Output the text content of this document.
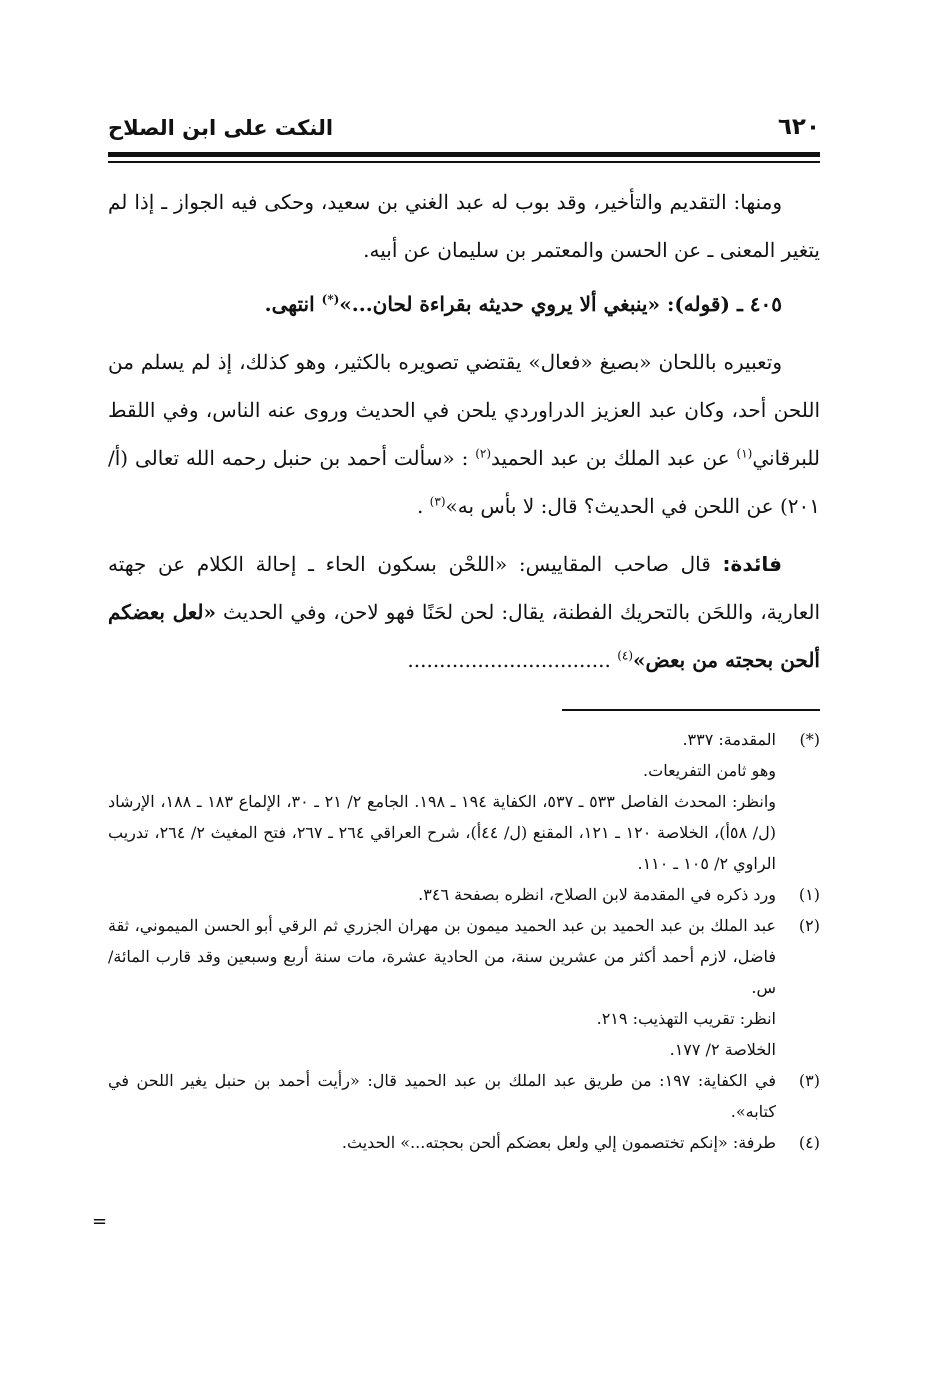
النكت على ابن الصلاح	٦٢٠

ومنها: التقديم والتأخير، وقد بوب له عبد الغني بن سعيد، وحكى فيه الجواز ـ إذا لم يتغير المعنى ـ عن الحسن والمعتمر بن سليمان عن أبيه.

٤٠٥ ـ (قوله): «ينبغي ألا يروي حديثه بقراءة لحان...»(*) انتهى.

وتعبيره باللحان «بصيغ «فعال» يقتضي تصويره بالكثير، وهو كذلك، إذ لم يسلم من اللحن أحد، وكان عبد العزيز الدراوردي يلحن في الحديث وروى عنه الناس، وفي اللقط للبرقاني$^{(١)}$ عن عبد الملك بن عبد الحميد$^{(٢)}$ : «سألت أحمد بن حنبل رحمه الله تعالى (أ/ ٢٠١) عن اللحن في الحديث؟ قال: لا بأس به»$^{(٣)}$ .

فائدة: قال صاحب المقاييس: «اللحْن بسكون الحاء ـ إحالة الكلام عن جهته العارية، واللحَن بالتحريك الفطنة، يقال: لحن لحَنًا فهو لاحن، وفي الحديث «لعل بعضكم ألحن بحجته من بعض»$^{(٤)}$ ................................

(*)

المقدمة: ٣٣٧.

وهو ثامن التفريعات.

وانظر: المحدث الفاصل ٥٣٣ ـ ٥٣٧، الكفاية ١٩٤ ـ ١٩٨. الجامع ٢/ ٢١ ـ ٣٠، الإلماع ١٨٣ ـ ١٨٨، الإرشاد (ل/ ٥٨أ)، الخلاصة ١٢٠ ـ ١٢١، المقنع (ل/ ٤٤أ)، شرح العراقي ٢٦٤ ـ ٢٦٧، فتح المغيث ٢/ ٢٦٤، تدريب الراوي ٢/ ١٠٥ ـ ١١٠.

(١)

ورد ذكره في المقدمة لابن الصلاح، انظره بصفحة ٣٤٦.

(٢)

عبد الملك بن عبد الحميد بن عبد الحميد ميمون بن مهران الجزري ثم الرقي أبو الحسن الميموني، ثقة فاضل، لازم أحمد أكثر من عشرين سنة، من الحادية عشرة، مات سنة أربع وسبعين وقد قارب المائة/ س.

انظر: تقريب التهذيب: ٢١٩.

الخلاصة ٢/ ١٧٧.

(٣)

في الكفاية: ١٩٧: من طريق عبد الملك بن عبد الحميد قال: «رأيت أحمد بن حنبل يغير اللحن في كتابه».

(٤)

طرفة: «إنكم تختصمون إلي ولعل بعضكم ألحن بحجته...» الحديث.

=
